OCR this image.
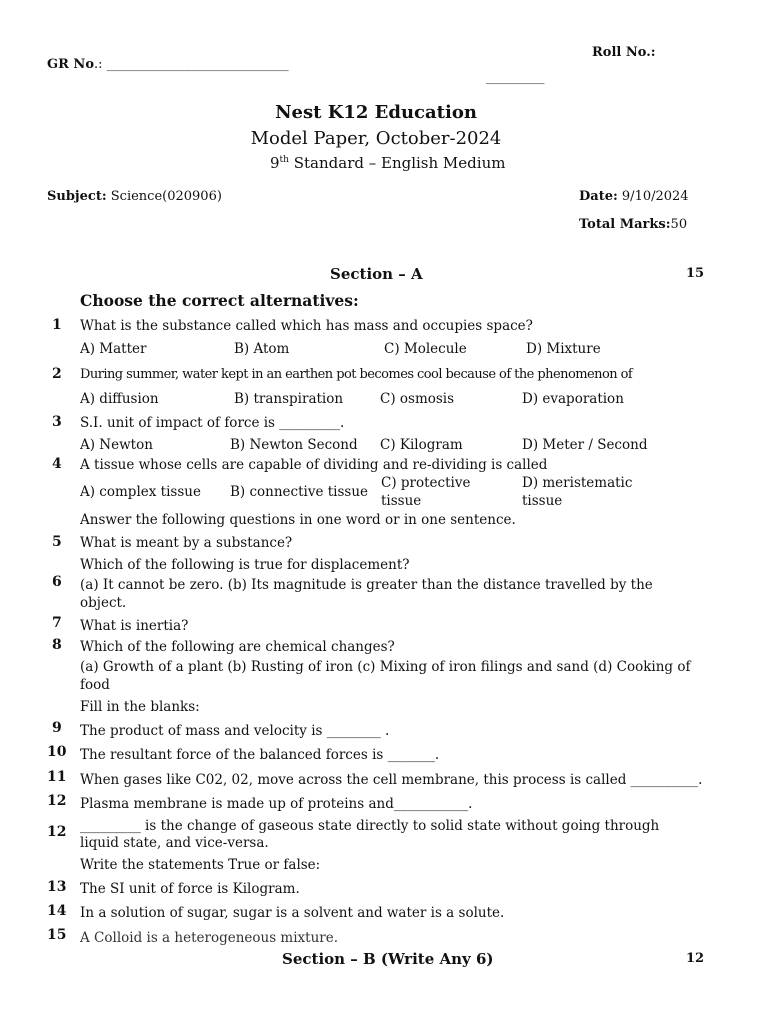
Roll No.:
_________
GR No.: ____________________________
Nest K12 Education
Model Paper, October-2024
9th Standard – English Medium
Subject: Science(020906)	Date: 9/10/2024
Total Marks:50
Section – A	15
Choose the correct alternatives:
1 What is the substance called which has mass and occupies space?
A) Matter	B) Atom	C) Molecule	D) Mixture
2 During summer, water kept in an earthen pot becomes cool because of the phenomenon of
A) diffusion	B) transpiration	C) osmosis	D) evaporation
3 S.I. unit of impact of force is _________.
A) Newton	B) Newton Second C) Kilogram	D) Meter / Second
4 A tissue whose cells are capable of dividing and re-dividing is called
A) complex tissue B) connective tissue
C) protective
tissue
D) meristematic
tissue
Answer the following questions in one word or in one sentence.
5 What is meant by a substance?
Which of the following is true for displacement?
6 (a) It cannot be zero. (b) Its magnitude is greater than the distance travelled by the
object.
7 What is inertia?
8 Which of the following are chemical changes?
(a) Growth of a plant (b) Rusting of iron (c) Mixing of iron filings and sand (d) Cooking of
food
Fill in the blanks:
9 The product of mass and velocity is ________ .
10 The resultant force of the balanced forces is _______.
11 When gases like C02, 02, move across the cell membrane, this process is called __________.
12 Plasma membrane is made up of proteins and___________.
12 _________ is the change of gaseous state directly to solid state without going through
liquid state, and vice-versa.
Write the statements True or false:
13 The SI unit of force is Kilogram.
14 In a solution of sugar, sugar is a solvent and water is a solute.
15 A Colloid is a heterogeneous mixture.
Section – B (Write Any 6)	12
